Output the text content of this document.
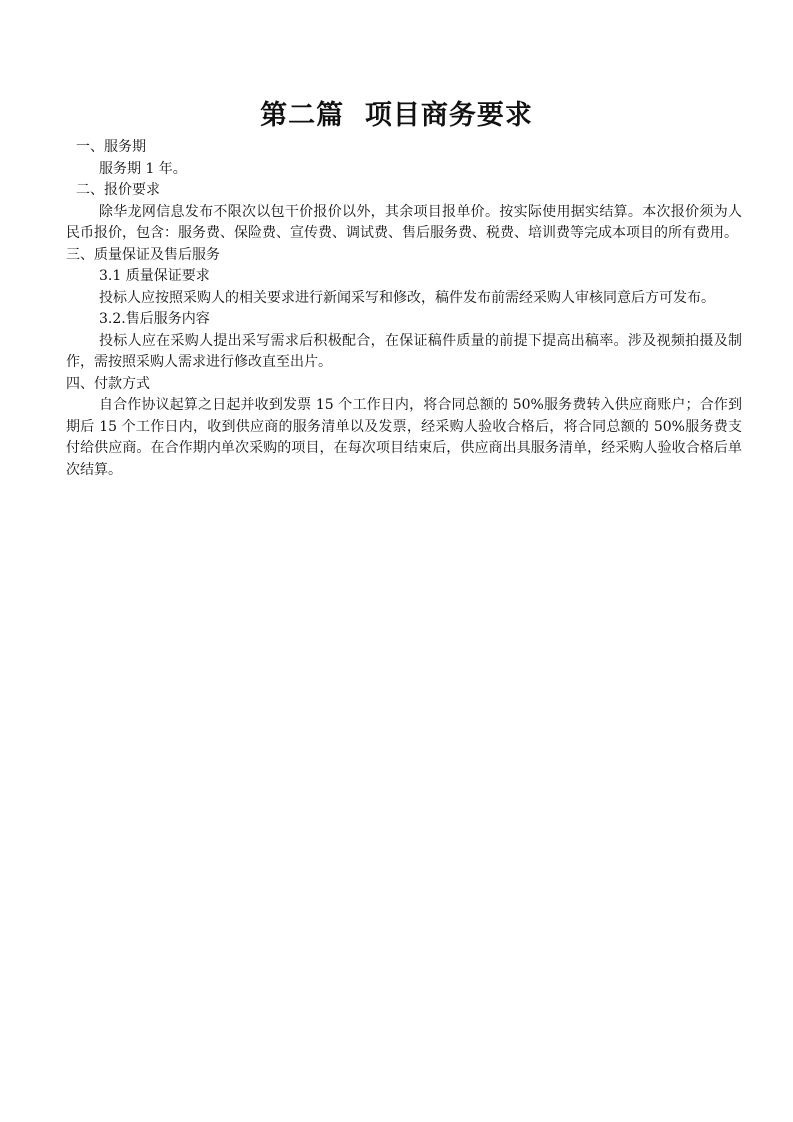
第二篇  项目商务要求

一、服务期

服务期 1 年。

二、报价要求

除华龙网信息发布不限次以包干价报价以外，其余项目报单价。按实际使用据实结算。本次报价须为人民币报价，包含：服务费、保险费、宣传费、调试费、售后服务费、税费、培训费等完成本项目的所有费用。

三、质量保证及售后服务

3.1 质量保证要求

投标人应按照采购人的相关要求进行新闻采写和修改，稿件发布前需经采购人审核同意后方可发布。

3.2.售后服务内容

投标人应在采购人提出采写需求后积极配合，在保证稿件质量的前提下提高出稿率。涉及视频拍摄及制作，需按照采购人需求进行修改直至出片。

四、付款方式

自合作协议起算之日起并收到发票 15 个工作日内，将合同总额的 50%服务费转入供应商账户；合作到期后 15 个工作日内，收到供应商的服务清单以及发票，经采购人验收合格后，将合同总额的 50%服务费支付给供应商。在合作期内单次采购的项目，在每次项目结束后，供应商出具服务清单，经采购人验收合格后单次结算。
